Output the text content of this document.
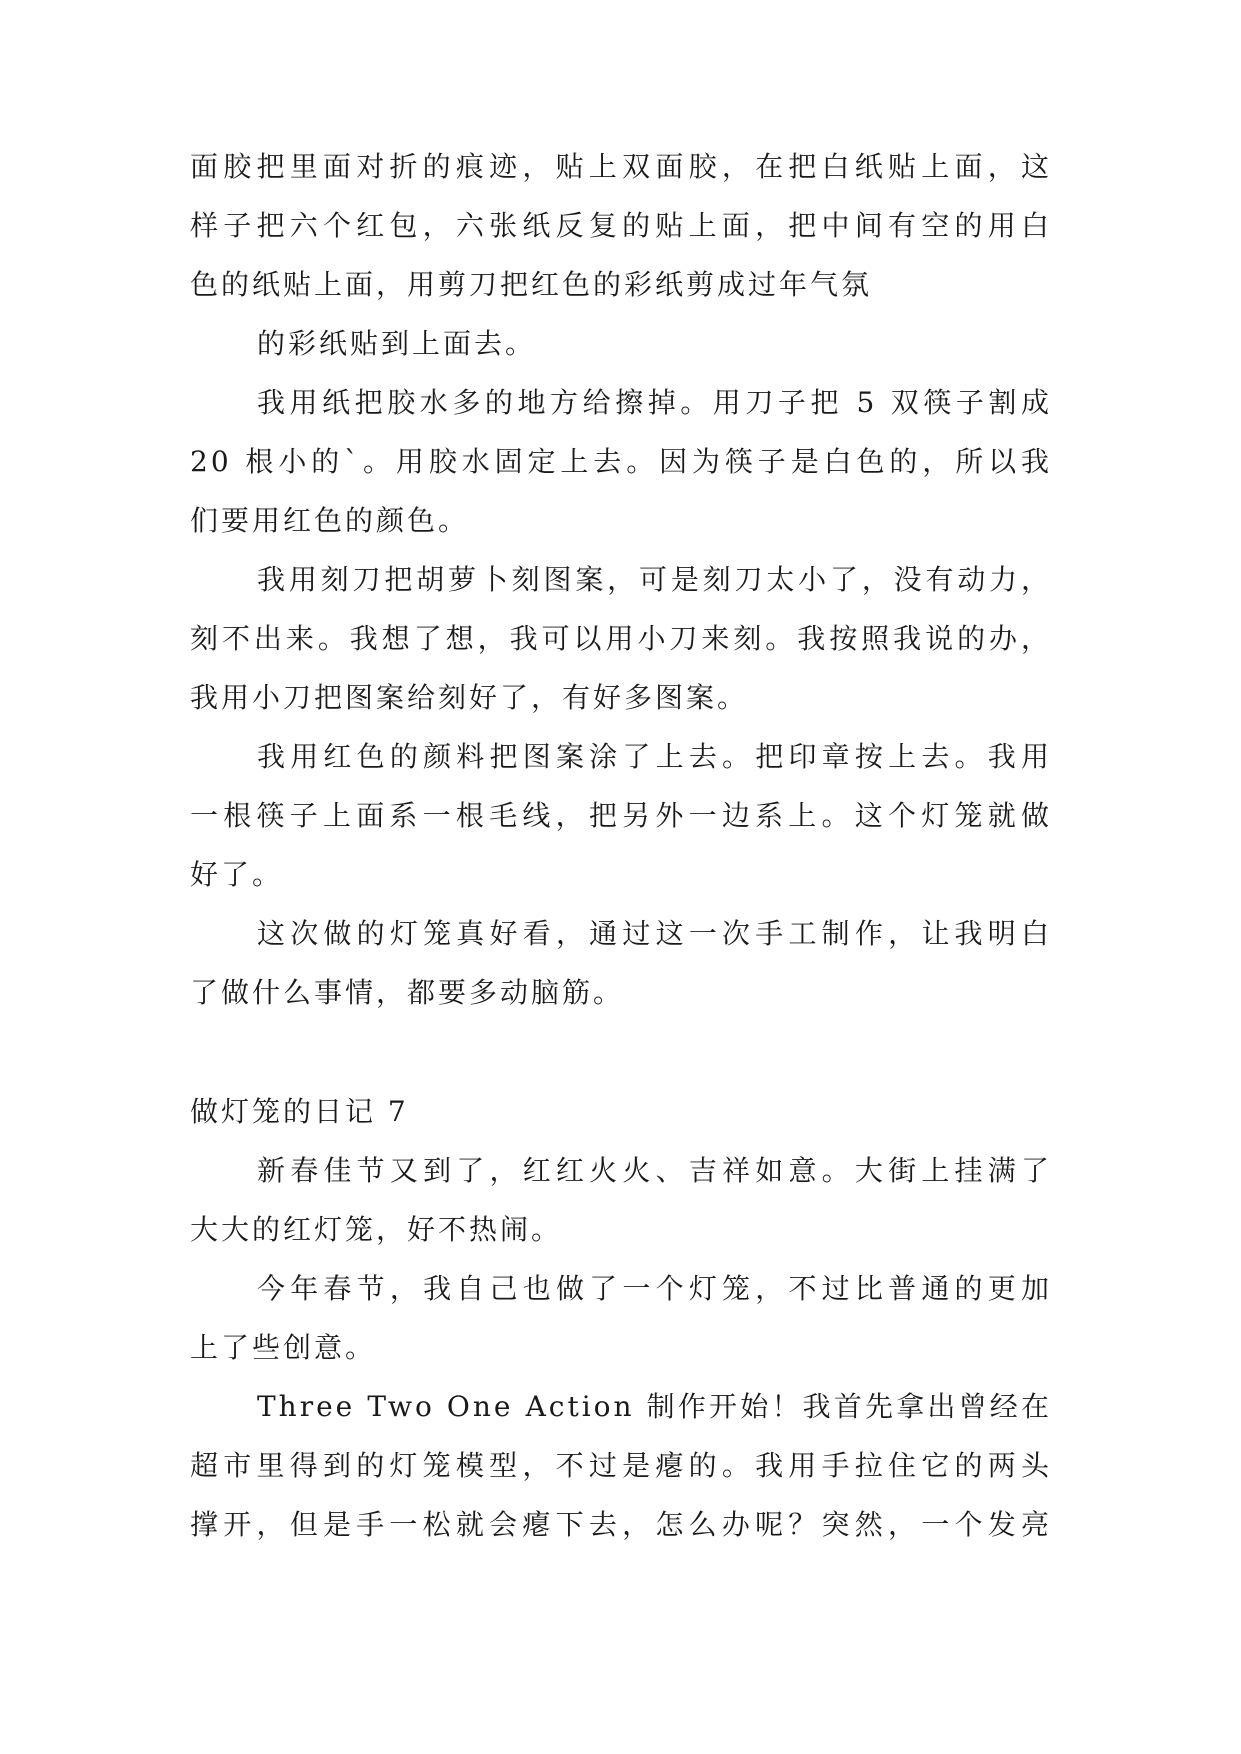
面胶把里面对折的痕迹，贴上双面胶，在把白纸贴上面，这
样子把六个红包，六张纸反复的贴上面，把中间有空的用白
色的纸贴上面，用剪刀把红色的彩纸剪成过年气氛
的彩纸贴到上面去。
我用纸把胶水多的地方给擦掉。用刀子把 5 双筷子割成
20 根小的`。用胶水固定上去。因为筷子是白色的，所以我
们要用红色的颜色。
我用刻刀把胡萝卜刻图案，可是刻刀太小了，没有动力，
刻不出来。我想了想，我可以用小刀来刻。我按照我说的办，
我用小刀把图案给刻好了，有好多图案。
我用红色的颜料把图案涂了上去。把印章按上去。我用
一根筷子上面系一根毛线，把另外一边系上。这个灯笼就做
好了。
这次做的灯笼真好看，通过这一次手工制作，让我明白
了做什么事情，都要多动脑筋。
做灯笼的日记 7
新春佳节又到了，红红火火、吉祥如意。大街上挂满了
大大的红灯笼，好不热闹。
今年春节，我自己也做了一个灯笼，不过比普通的更加
上了些创意。
Three Two One Action 制作开始！我首先拿出曾经在
超市里得到的灯笼模型，不过是瘪的。我用手拉住它的两头
撑开，但是手一松就会瘪下去，怎么办呢？突然，一个发亮
